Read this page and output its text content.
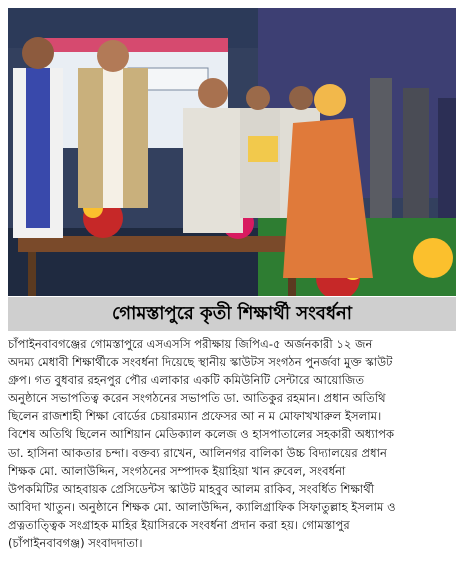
গোমস্তাপুরে কৃতী শিক্ষার্থী সংবর্ধনা
চাঁপাইনবাবগঞ্জের গোমস্তাপুরে এসএসসি পরীক্ষায় জিপিএ-৫ অর্জনকারী ১২ জন
অদম্য মেধাবী শিক্ষার্থীকে সংবর্ধনা দিয়েছে স্থানীয় স্কাউটস সংগঠন পুনর্জবা মুক্ত স্কাউট
গ্রুপ। গত বুধবার রহনপুর পৌর এলাকার একটি কমিউনিটি সেন্টারে আয়োজিত
অনুষ্ঠানে সভাপতিত্ব করেন সংগঠনের সভাপতি ডা. আতিকুর রহমান। প্রধান অতিথি
ছিলেন রাজশাহী শিক্ষা বোর্ডের চেয়ারম্যান প্রফেসর আ ন ম মোফাখখারুল ইসলাম।
বিশেষ অতিথি ছিলেন আশিয়ান মেডিক্যাল কলেজ ও হাসপাতালের সহকারী অধ্যাপক
ডা. হাসিনা আকতার চন্দা। বক্তব্য রাখেন, আলিনগর বালিকা উচ্চ বিদ্যালয়ের প্রধান
শিক্ষক মো. আলাউদ্দিন, সংগঠনের সম্পাদক ইয়াহিয়া খান রুবেল, সংবর্ধনা
উপকমিটির আহবায়ক প্রেসিডেন্টস স্কাউট মাহবুব আলম রাকিব, সংবর্ধিত শিক্ষার্থী
আবিদা খাতুন। অনুষ্ঠানে শিক্ষক মো. আলাউদ্দিন, ক্যালিগ্রাফিক সিফাতুল্লাহ ইসলাম ও
প্রত্নতাত্ত্বিক সংগ্রাহক মাহির ইয়াসিরকে সংবর্ধনা প্রদান করা হয়। গোমস্তাপুর
(চাঁপাইনবাবগঞ্জ) সংবাদদাতা।
